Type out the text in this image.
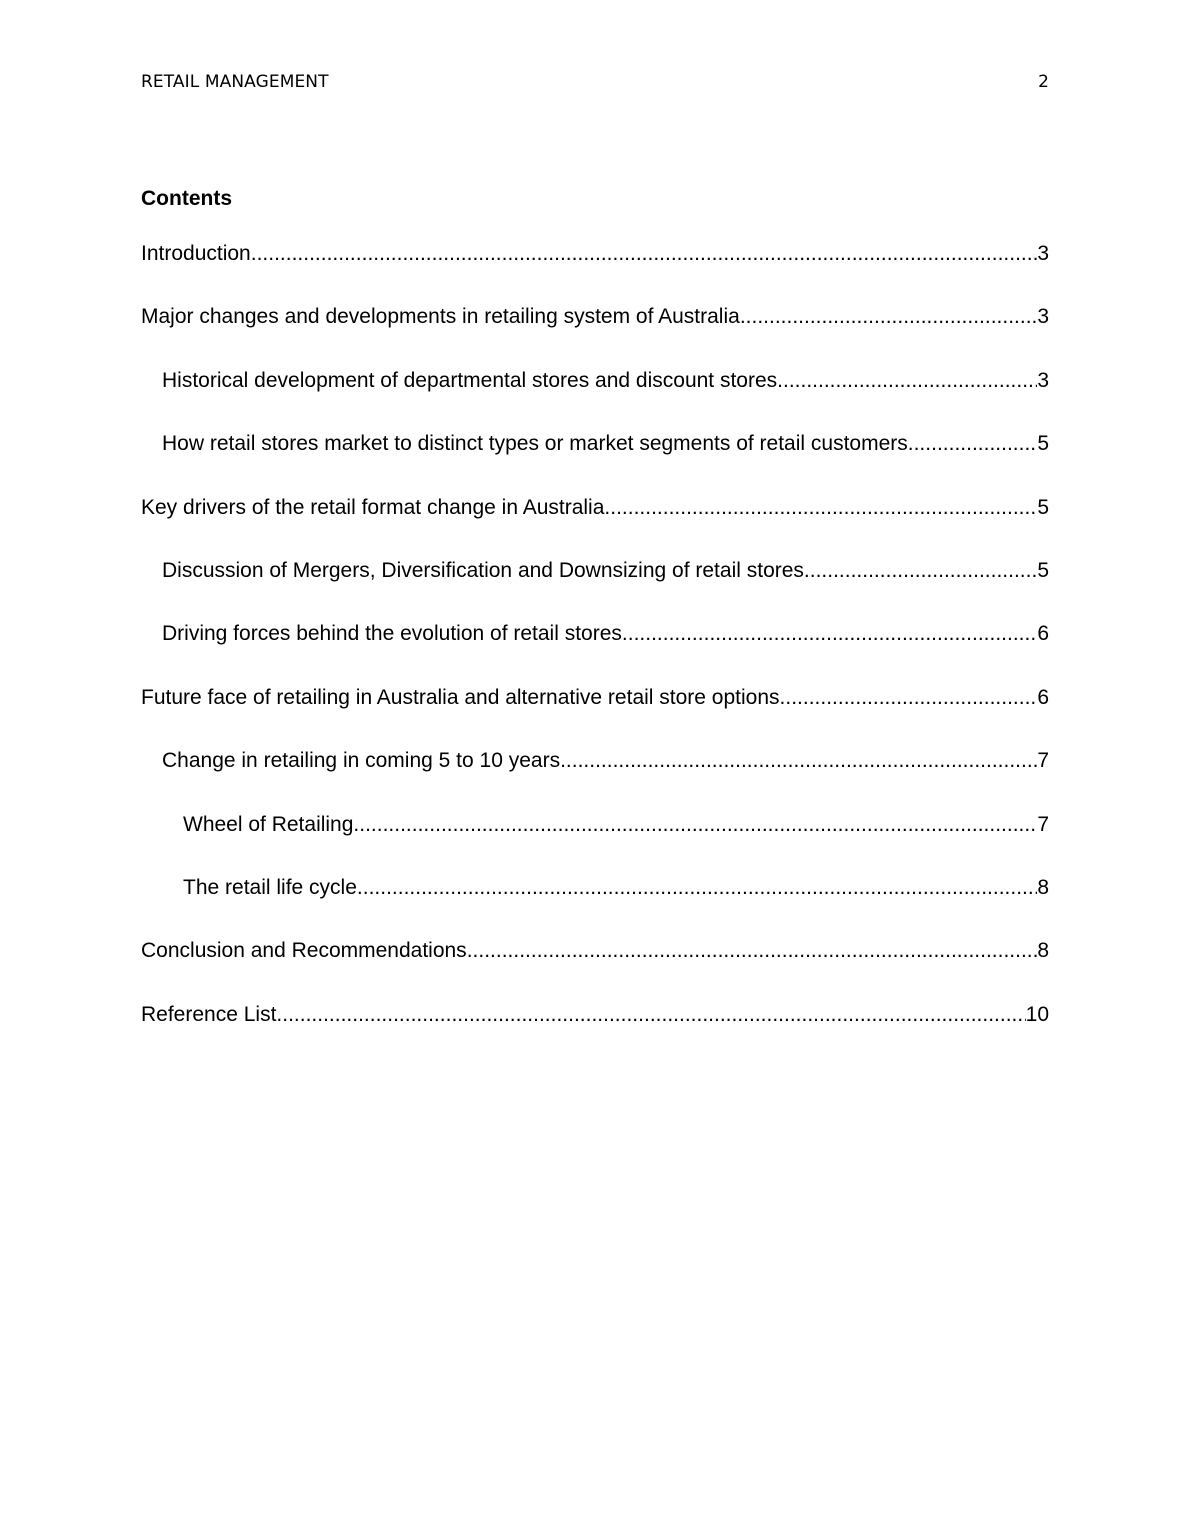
RETAIL MANAGEMENT	2
Contents
Introduction .....	3
Major changes and developments in retailing system of Australia .....	3
Historical development of departmental stores and discount stores .....	3
How retail stores market to distinct types or market segments of retail customers .....	5
Key drivers of the retail format change in Australia .....	5
Discussion of Mergers, Diversification and Downsizing of retail stores .....	5
Driving forces behind the evolution of retail stores .....	6
Future face of retailing in Australia and alternative retail store options .....	6
Change in retailing in coming 5 to 10 years .....	7
Wheel of Retailing .....	7
The retail life cycle .....	8
Conclusion and Recommendations .....	8
Reference List .....	10
